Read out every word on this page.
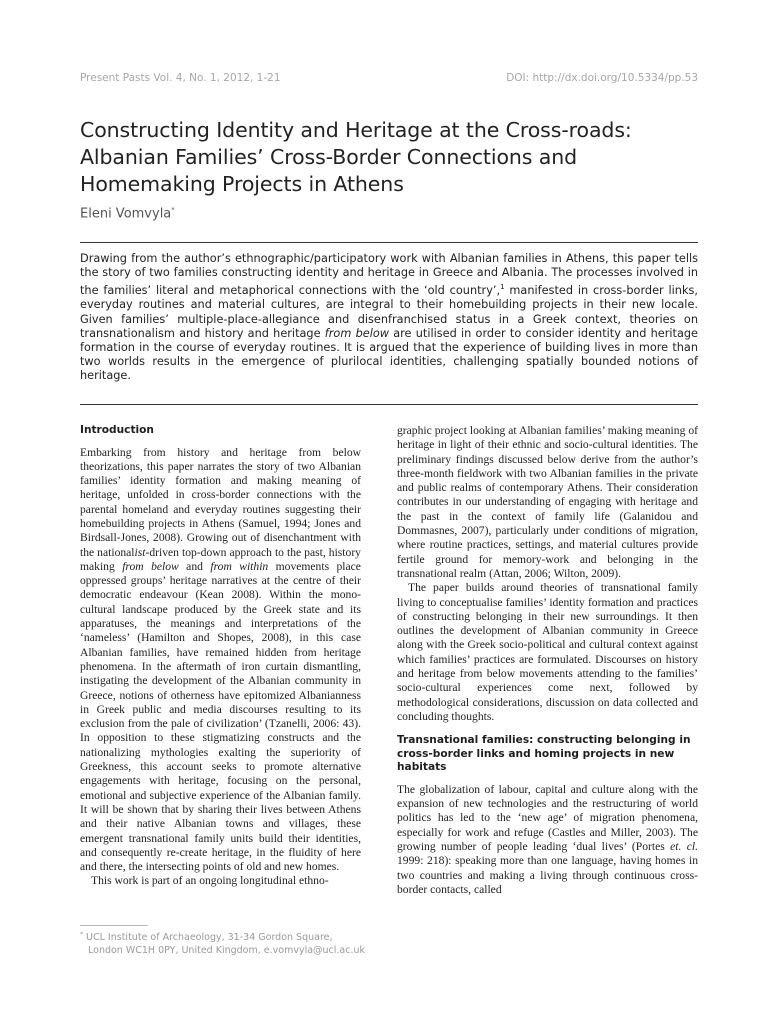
Present Pasts Vol. 4, No. 1, 2012, 1-21	DOI: http://dx.doi.org/10.5334/pp.53
Constructing Identity and Heritage at the Cross-roads: Albanian Families’ Cross-Border Connections and Homemaking Projects in Athens
Eleni Vomvyla*

Drawing from the author’s ethnographic/participatory work with Albanian families in Athens, this paper tells the story of two families constructing identity and heritage in Greece and Albania. The processes involved in the families’ literal and metaphorical connections with the ‘old country’,$^1$ manifested in cross-border links, everyday routines and material cultures, are integral to their homebuilding projects in their new locale. Given families’ multiple-place-allegiance and disenfranchised status in a Greek context, theories on transnationalism and history and heritage from below are utilised in order to consider identity and heritage formation in the course of everyday routines. It is argued that the experience of building lives in more than two worlds results in the emergence of plurilocal identities, challenging spatially bounded notions of heritage.

Introduction

Embarking from history and heritage from below theorizations, this paper narrates the story of two Albanian families’ identity formation and making meaning of heritage, unfolded in cross-border connections with the parental homeland and everyday routines suggesting their homebuilding projects in Athens (Samuel, 1994; Jones and Birdsall-Jones, 2008). Growing out of disenchantment with the nationalist-driven top-down approach to the past, history making from below and from within movements place oppressed groups’ heritage narratives at the centre of their democratic endeavour (Kean 2008). Within the mono-cultural landscape produced by the Greek state and its apparatuses, the meanings and interpretations of the ‘nameless’ (Hamilton and Shopes, 2008), in this case Albanian families, have remained hidden from heritage phenomena. In the aftermath of iron curtain dismantling, instigating the development of the Albanian community in Greece, notions of otherness have epitomized Albanianness in Greek public and media discourses resulting to its exclusion from the pale of civilization’ (Tzanelli, 2006: 43). In opposition to these stigmatizing constructs and the nationalizing mythologies exalting the superiority of Greekness, this account seeks to promote alternative engagements with heritage, focusing on the personal, emotional and subjective experience of the Albanian family. It will be shown that by sharing their lives between Athens and their native Albanian towns and villages, these emergent transnational family units build their identities, and consequently re-create heritage, in the fluidity of here and there, the intersecting points of old and new homes.

This work is part of an ongoing longitudinal ethno-

graphic project looking at Albanian families’ making meaning of heritage in light of their ethnic and socio-cultural identities. The preliminary findings discussed below derive from the author’s three-month fieldwork with two Albanian families in the private and public realms of contemporary Athens. Their consideration contributes in our understanding of engaging with heritage and the past in the context of family life (Galanidou and Dommasnes, 2007), particularly under conditions of migration, where routine practices, settings, and material cultures provide fertile ground for memory-work and belonging in the transnational realm (Attan, 2006; Wilton, 2009).

The paper builds around theories of transnational family living to conceptualise families’ identity formation and practices of constructing belonging in their new surroundings. It then outlines the development of Albanian community in Greece along with the Greek socio-political and cultural context against which families’ practices are formulated. Discourses on history and heritage from below movements attending to the families’ socio-cultural experiences come next, followed by methodological considerations, discussion on data collected and concluding thoughts.

Transnational families: constructing belonging in cross-border links and homing projects in new habitats

The globalization of labour, capital and culture along with the expansion of new technologies and the restructuring of world politics has led to the ‘new age’ of migration phenomena, especially for work and refuge (Castles and Miller, 2003). The growing number of people leading ‘dual lives’ (Portes et. cl. 1999: 218): speaking more than one language, having homes in two countries and making a living through continuous cross-border contacts, called

* UCL Institute of Archaeology, 31-34 Gordon Square,
London WC1H 0PY, United Kingdom, e.vomvyla@ucl.ac.uk
